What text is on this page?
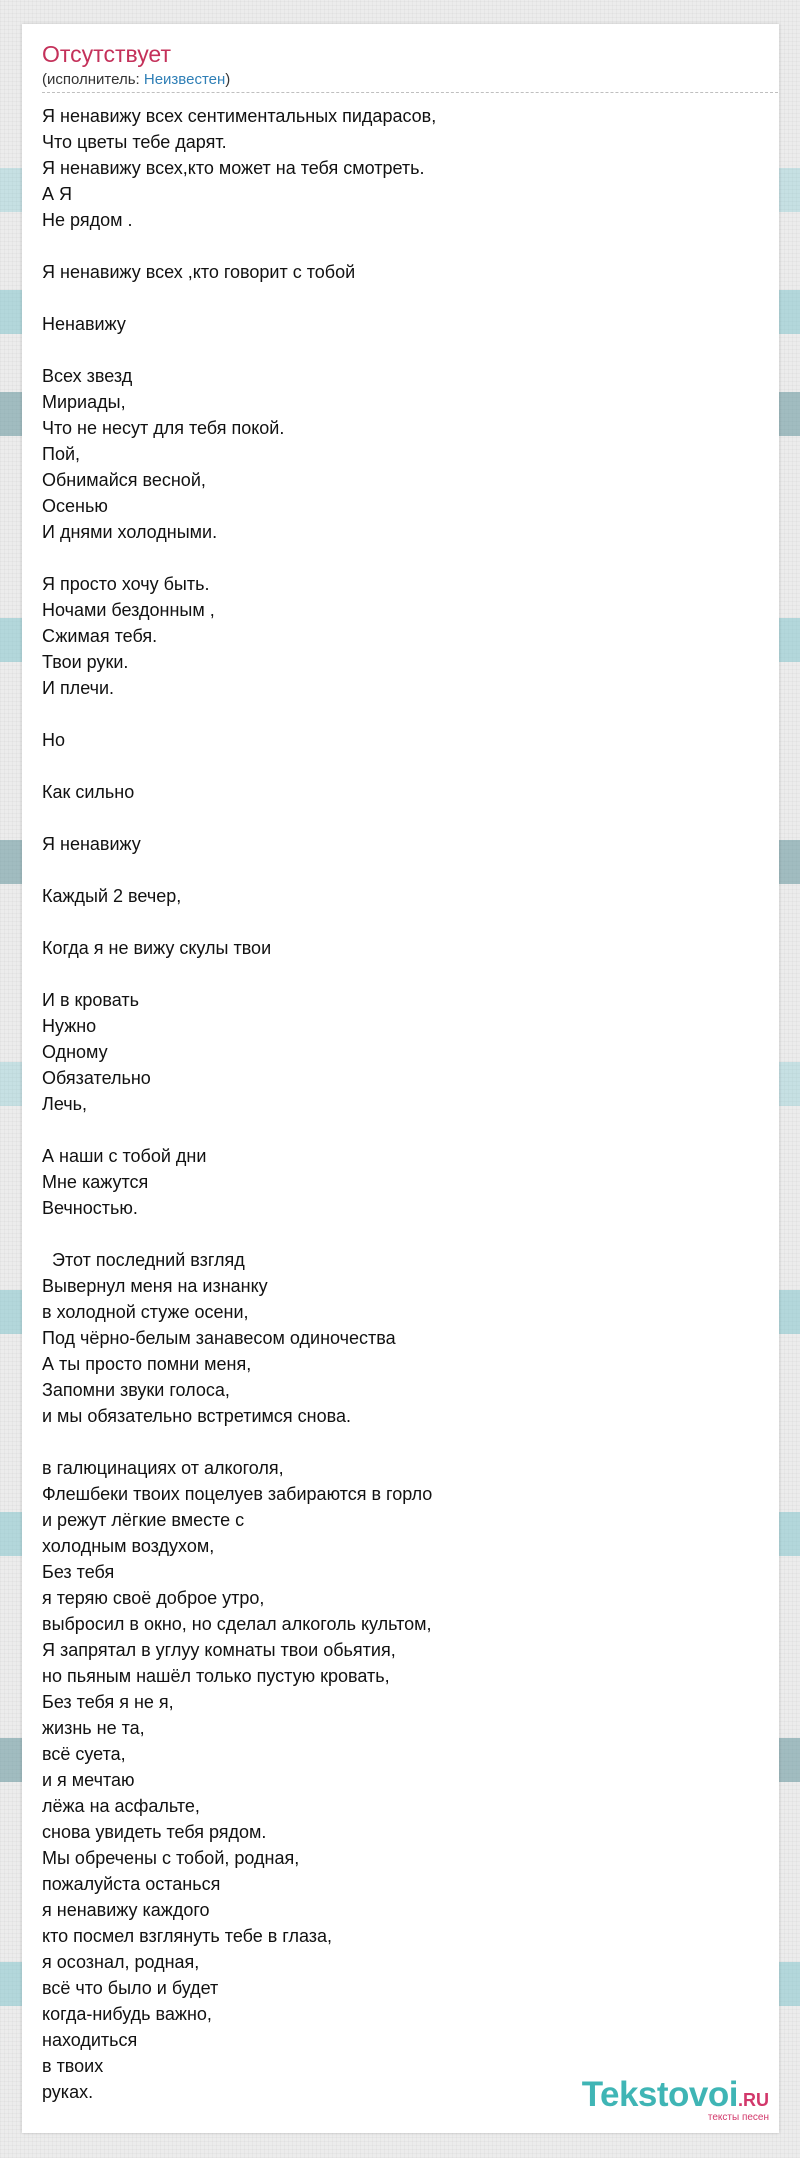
Отсутствует
(исполнитель: Неизвестен)
Я ненавижу всех сентиментальных пидарасов,
Что цветы тебе дарят.
Я ненавижу всех,кто может на тебя смотреть.
А Я
Не рядом .
Я ненавижу всех ,кто говорит с тобой
Ненавижу
Всех звезд
Мириады,
Что не несут для тебя покой.
Пой,
Обнимайся весной,
Осенью
И днями холодными.
Я просто хочу быть.
Ночами бездонным ,
Сжимая тебя.
Твои руки.
И плечи.
Но
Как сильно
Я ненавижу
Каждый 2 вечер,
Когда я не вижу скулы твои
И в кровать
Нужно
Одному
Обязательно
Лечь,
А наши с тобой дни
Мне кажутся
Вечностью.
Этот последний взгляд
Вывернул меня на изнанку
в холодной стуже осени,
Под чёрно-белым занавесом одиночества
А ты просто помни меня,
Запомни звуки голоса,
и мы обязательно встретимся снова.
в галюцинациях от алкоголя,
Флешбеки твоих поцелуев забираются в горло
и режут лёгкие вместе с
холодным воздухом,
Без тебя
я теряю своё доброе утро,
выбросил в окно, но сделал алкоголь культом,
Я запрятал в углуу комнаты твои обьятия,
но пьяным нашёл только пустую кровать,
Без тебя я не я,
жизнь не та,
всё суета,
и я мечтаю
лёжа на асфальте,
снова увидеть тебя рядом.
Мы обречены с тобой, родная,
пожалуйста останься
я ненавижу каждого
кто посмел взглянуть тебе в глаза,
я осознал, родная,
всё что было и будет
когда-нибудь важно,
находиться
в твоих
руках.	Tekstovoi.RU
тексты песен
